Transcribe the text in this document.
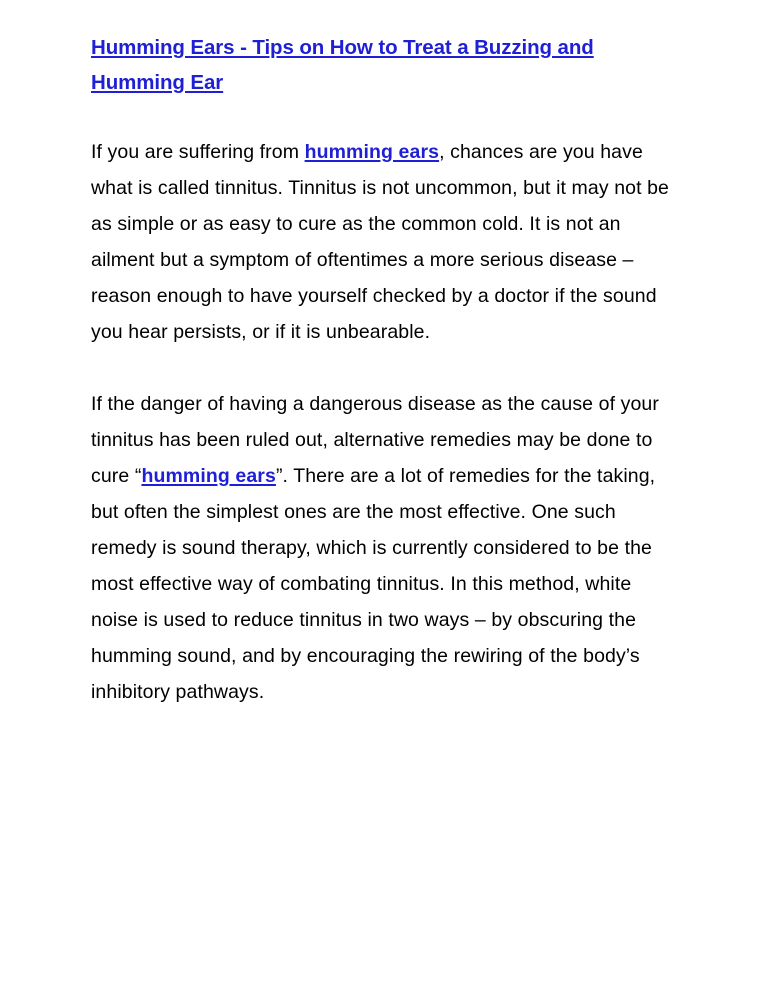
Humming Ears - Tips on How to Treat a Buzzing and Humming Ear

If you are suffering from humming ears, chances are you have what is called tinnitus. Tinnitus is not uncommon, but it may not be as simple or as easy to cure as the common cold. It is not an ailment but a symptom of oftentimes a more serious disease – reason enough to have yourself checked by a doctor if the sound you hear persists, or if it is unbearable.

If the danger of having a dangerous disease as the cause of your tinnitus has been ruled out, alternative remedies may be done to cure “humming ears”. There are a lot of remedies for the taking, but often the simplest ones are the most effective. One such remedy is sound therapy, which is currently considered to be the most effective way of combating tinnitus. In this method, white noise is used to reduce tinnitus in two ways – by obscuring the humming sound, and by encouraging the rewiring of the body’s inhibitory pathways.
